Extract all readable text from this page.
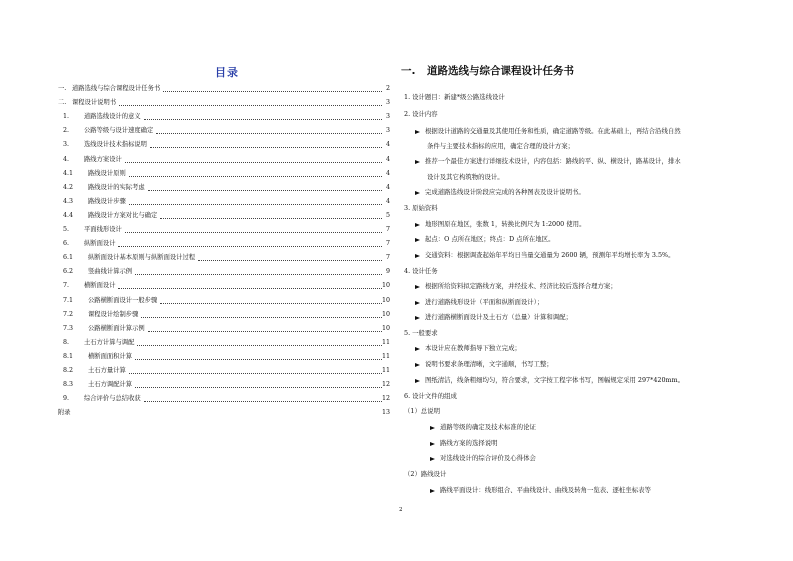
目录
一. 道路选线与综合课程设计任务书	2
二. 课程设计说明书	3
1. 道路选线设计的意义	3
2. 公路等级与设计速度确定	3
3. 选线设计技术指标说明	4
4. 路线方案设计	4
4.1 路线设计原则	4
4.2 路线设计的实际考虑	4
4.3 路线设计步骤	4
4.4 路线设计方案对比与确定	5
5. 平面线形设计	7
6. 纵断面设计	7
6.1 纵断面设计基本原则与纵断面设计过程	7
6.2 竖曲线计算示例	9
7. 横断面设计	10
7.1 公路横断面设计一般步骤	10
7.2 课程设计绘制步骤	10
7.3 公路横断面计算示例	10
8. 土石方计算与调配	11
8.1 横断面面积计算	11
8.2 土石方量计算	11
8.3 土石方调配计算	12
9. 综合评价与总结收获	12
附录	13
一. 道路选线与综合课程设计任务书
1. 设计题目：新建*级公路选线设计
2. 设计内容
根据设计道路的交通量及其使用任务和性质，确定道路等级。在此基础上，再结合沿线自然
条件与主要技术指标的应用，确定合理的设计方案；
推荐一个最佳方案进行详细技术设计，内容包括：路线的平、纵、横设计，路基设计，排水
设计及其它构筑物的设计。
完成道路选线设计阶段应完成的各种图表及设计说明书。
3. 原始资料
地形图原在地区，张数 1，转换比例尺为 1:2000 使用。
起点：O 点所在地区；终点：D 点所在地区。
交通资料：根据调查起始年平均日当量交通量为 2600 辆，预测年平均增长率为 3.5%。
4. 设计任务
根据所给资料拟定路线方案，并经技术、经济比较后选择合理方案；
进行道路线形设计（平面和纵断面设计）；
进行道路横断面设计及土石方（总量）计算和调配；
5. 一般要求
本设计应在教师指导下独立完成；
说明书要求条理清晰，文字通顺，书写工整；
图纸清洁，线条粗细均匀，符合要求，文字按工程字体书写，图幅规定采用 297*420mm。
6. 设计文件的组成
（1）总说明
道路等级的确定及技术标准的论证
路线方案的选择说明
对选线设计的综合评价及心得体会
（2）路线设计
路线平面设计：线形组合、平曲线设计、曲线及转角一览表、逐桩坐标表等
2
